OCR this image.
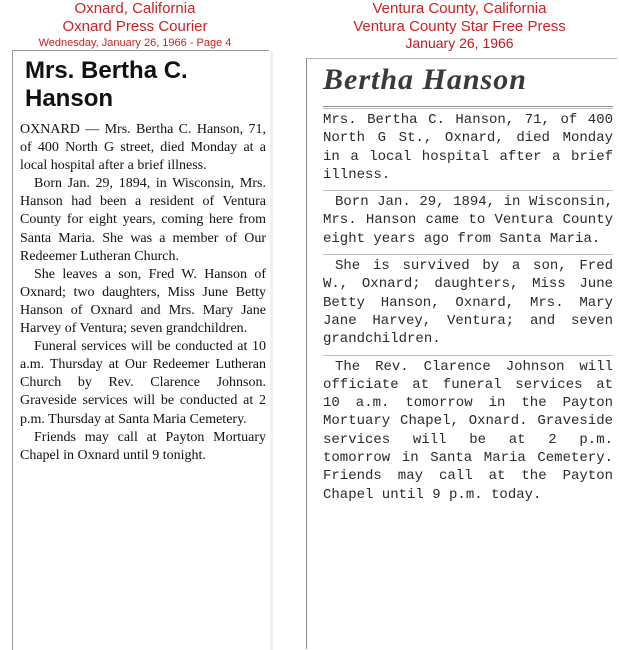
Oxnard, California
Oxnard Press Courier
Wednesday, January 26, 1966 - Page 4
Mrs. Bertha C. Hanson

OXNARD — Mrs. Bertha C. Hanson, 71, of 400 North G street, died Monday at a local hospital after a brief illness.

Born Jan. 29, 1894, in Wisconsin, Mrs. Hanson had been a resident of Ventura County for eight years, coming here from Santa Maria. She was a member of Our Redeemer Lutheran Church.

She leaves a son, Fred W. Hanson of Oxnard; two daughters, Miss June Betty Hanson of Oxnard and Mrs. Mary Jane Harvey of Ventura; seven grandchildren.

Funeral services will be conducted at 10 a.m. Thursday at Our Redeemer Lutheran Church by Rev. Clarence Johnson. Graveside services will be conducted at 2 p.m. Thursday at Santa Maria Cemetery.

Friends may call at Payton Mortuary Chapel in Oxnard until 9 tonight.

Ventura County, California
Ventura County Star Free Press
January 26, 1966
Bertha Hanson

Mrs. Bertha C. Hanson, 71, of 400 North G St., Oxnard, died Monday in a local hospital after a brief illness.

Born Jan. 29, 1894, in Wisconsin, Mrs. Hanson came to Ventura County eight years ago from Santa Maria.

She is survived by a son, Fred W., Oxnard; daughters, Miss June Betty Hanson, Oxnard, Mrs. Mary Jane Harvey, Ventura; and seven grandchildren.

The Rev. Clarence Johnson will officiate at funeral services at 10 a.m. tomorrow in the Payton Mortuary Chapel, Oxnard. Graveside services will be at 2 p.m. tomorrow in Santa Maria Cemetery. Friends may call at the Payton Chapel until 9 p.m. today.
